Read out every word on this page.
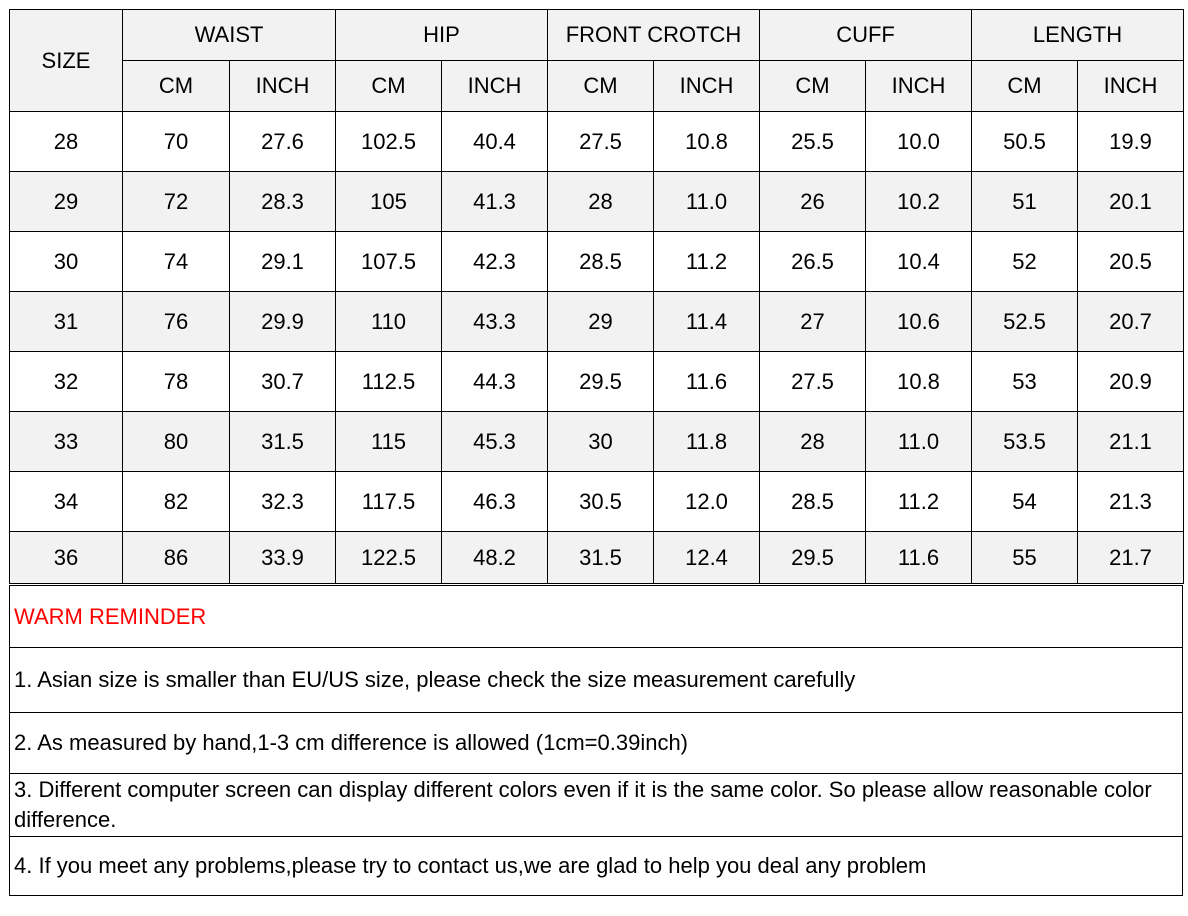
SIZE	WAIST		HIP		FRONT CROTCH		CUFF		LENGTH	
	CM	INCH	CM	INCH	CM	INCH	CM	INCH	CM	INCH
28	70	27.6	102.5	40.4	27.5	10.8	25.5	10.0	50.5	19.9
29	72	28.3	105	41.3	28	11.0	26	10.2	51	20.1
30	74	29.1	107.5	42.3	28.5	11.2	26.5	10.4	52	20.5
31	76	29.9	110	43.3	29	11.4	27	10.6	52.5	20.7
32	78	30.7	112.5	44.3	29.5	11.6	27.5	10.8	53	20.9
33	80	31.5	115	45.3	30	11.8	28	11.0	53.5	21.1
34	82	32.3	117.5	46.3	30.5	12.0	28.5	11.2	54	21.3
36	86	33.9	122.5	48.2	31.5	12.4	29.5	11.6	55	21.7
WARM REMINDER
1. Asian size is smaller than EU/US size, please check the size measurement carefully
2. As measured by hand,1-3 cm difference is allowed (1cm=0.39inch)
3. Different computer screen can display different colors even if it is the same color. So please allow reasonable color difference.
4. If you meet any problems,please try to contact us,we are glad to help you deal any problem
